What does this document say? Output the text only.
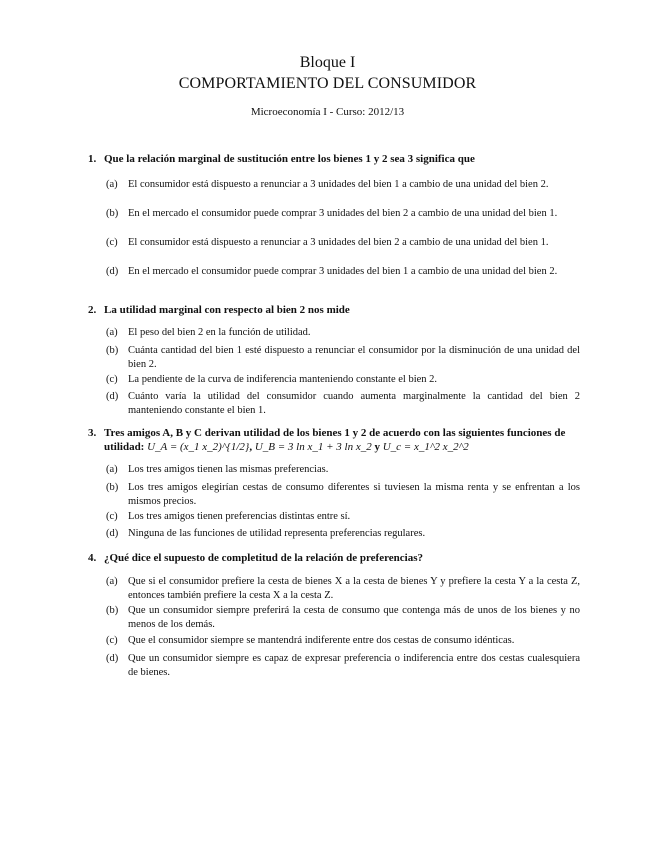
Bloque I
COMPORTAMIENTO DEL CONSUMIDOR
Microeconomía I - Curso: 2012/13
1. Que la relación marginal de sustitución entre los bienes 1 y 2 sea 3 significa que
(a) El consumidor está dispuesto a renunciar a 3 unidades del bien 1 a cambio de una unidad del bien 2.
(b) En el mercado el consumidor puede comprar 3 unidades del bien 2 a cambio de una unidad del bien 1.
(c) El consumidor está dispuesto a renunciar a 3 unidades del bien 2 a cambio de una unidad del bien 1.
(d) En el mercado el consumidor puede comprar 3 unidades del bien 1 a cambio de una unidad del bien 2.
2. La utilidad marginal con respecto al bien 2 nos mide
(a) El peso del bien 2 en la función de utilidad.
(b) Cuánta cantidad del bien 1 esté dispuesto a renunciar el consumidor por la disminución de una unidad del bien 2.
(c) La pendiente de la curva de indiferencia manteniendo constante el bien 2.
(d) Cuánto varía la utilidad del consumidor cuando aumenta marginalmente la cantidad del bien 2 manteniendo constante el bien 1.
3. Tres amigos A, B y C derivan utilidad de los bienes 1 y 2 de acuerdo con las siguientes funciones de utilidad: U_A = (x_1 x_2)^{1/2}, U_B = 3 ln x_1 + 3 ln x_2 y U_c = x_1^2 x_2^2
(a) Los tres amigos tienen las mismas preferencias.
(b) Los tres amigos elegirían cestas de consumo diferentes si tuviesen la misma renta y se enfrentan a los mismos precios.
(c) Los tres amigos tienen preferencias distintas entre sí.
(d) Ninguna de las funciones de utilidad representa preferencias regulares.
4. ¿Qué dice el supuesto de completitud de la relación de preferencias?
(a) Que si el consumidor prefiere la cesta de bienes X a la cesta de bienes Y y prefiere la cesta Y a la cesta Z, entonces también prefiere la cesta X a la cesta Z.
(b) Que un consumidor siempre preferirá la cesta de consumo que contenga más de unos de los bienes y no menos de los demás.
(c) Que el consumidor siempre se mantendrá indiferente entre dos cestas de consumo idénticas.
(d) Que un consumidor siempre es capaz de expresar preferencia o indiferencia entre dos cestas cualesquiera de bienes.
